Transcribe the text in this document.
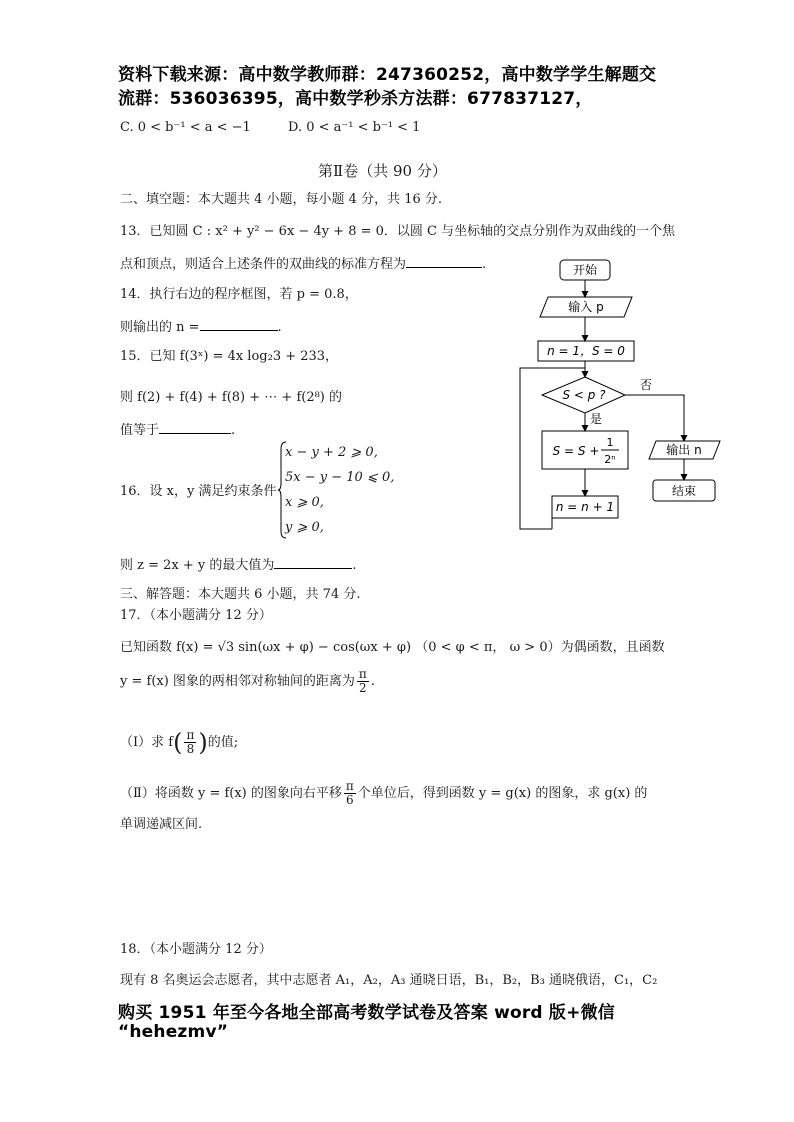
资料下载来源：高中数学教师群：247360252，高中数学学生解题交
流群：536036395，高中数学秒杀方法群：677837127，
C. 0 < b⁻¹ < a < −1	D. 0 < a⁻¹ < b⁻¹ < 1
第Ⅱ卷（共 90 分）
二、填空题：本大题共 4 小题，每小题 4 分，共 16 分.
13．已知圆 C : x² + y² − 6x − 4y + 8 = 0．以圆 C 与坐标轴的交点分别作为双曲线的一个焦
点和顶点，则适合上述条件的双曲线的标准方程为	.
14．执行右边的程序框图，若 p = 0.8，
则输出的 n =	.
15．已知 f(3ˣ) = 4x log₂3 + 233，
则 f(2) + f(4) + f(8) + ⋯ + f(2⁸) 的
值等于	.
16．设 x，y 满足约束条件
x − y + 2 ⩾ 0,
5x − y − 10 ⩽ 0,
x ⩾ 0,
y ⩾ 0,
则 z = 2x + y 的最大值为	.
三、解答题：本大题共 6 小题，共 74 分.
17．（本小题满分 12 分）
已知函数 f(x) = √3 sin(ωx + φ) − cos(ωx + φ) （0 < φ < π， ω > 0）为偶函数，且函数
y = f(x) 图象的两相邻对称轴间的距离为 $\frac{\pi}{2}$ .
（Ⅰ）求 $f( \frac{\pi}{8}$ )的值;
（Ⅱ）将函数 y = f(x) 的图象向右平移 $\frac{\pi}{6}$ 个单位后，得到函数 y = g(x) 的图象，求 g(x) 的
单调递减区间.
18．（本小题满分 12 分）
现有 8 名奥运会志愿者，其中志愿者 A₁，A₂，A₃ 通晓日语，B₁，B₂，B₃ 通晓俄语，C₁，C₂
购买 1951 年至今各地全部高考数学试卷及答案 word 版+微信
“hehezmv”
开始
输入 p
n = 1，S = 0
S < p ?
否
是
S = S +
1
2ⁿ
n = n + 1
输出 n
结束
